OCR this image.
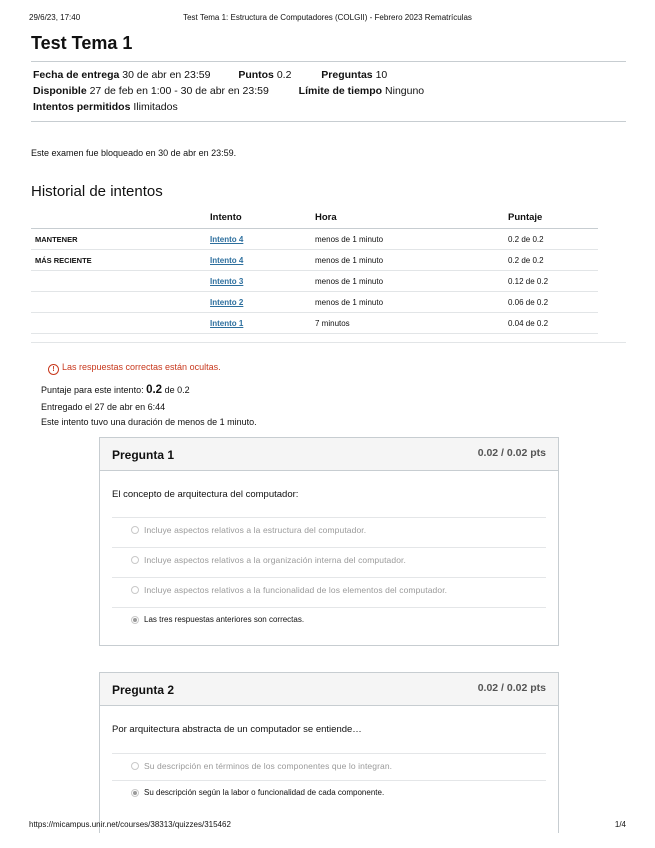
29/6/23, 17:40	Test Tema 1: Estructura de Computadores (COLGII) - Febrero 2023 Rematrículas
Test Tema 1
Fecha de entrega 30 de abr en 23:59	Puntos 0.2	Preguntas 10
Disponible 27 de feb en 1:00 - 30 de abr en 23:59	Límite de tiempo Ninguno
Intentos permitidos Ilimitados
Este examen fue bloqueado en 30 de abr en 23:59.
Historial de intentos
	Intento	Hora	Puntaje
MANTENER	Intento 4	menos de 1 minuto	0.2 de 0.2
MÁS RECIENTE	Intento 4	menos de 1 minuto	0.2 de 0.2
	Intento 3	menos de 1 minuto	0.12 de 0.2
	Intento 2	menos de 1 minuto	0.06 de 0.2
	Intento 1	7 minutos	0.04 de 0.2
! Las respuestas correctas están ocultas.
Puntaje para este intento: 0.2 de 0.2
Entregado el 27 de abr en 6:44
Este intento tuvo una duración de menos de 1 minuto.
Pregunta 1	0.02 / 0.02 pts
El concepto de arquitectura del computador:
Incluye aspectos relativos a la estructura del computador.
Incluye aspectos relativos a la organización interna del computador.
Incluye aspectos relativos a la funcionalidad de los elementos del computador.
Las tres respuestas anteriores son correctas.
Pregunta 2	0.02 / 0.02 pts
Por arquitectura abstracta de un computador se entiende…
Su descripción en términos de los componentes que lo integran.
Su descripción según la labor o funcionalidad de cada componente.
https://micampus.unir.net/courses/38313/quizzes/315462	1/4
